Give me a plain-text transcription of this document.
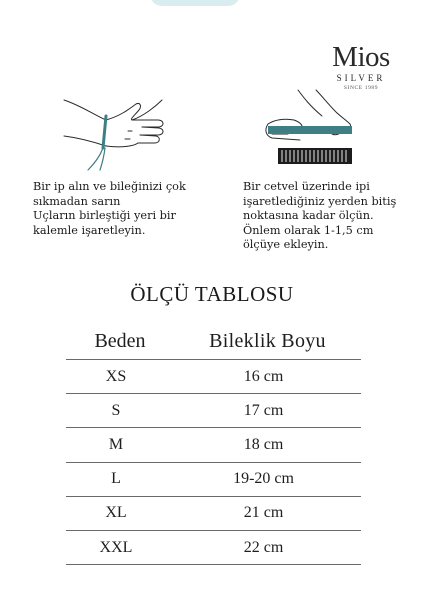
Mios
SILVER
SINCE 1989
Bir ip alın ve bileğinizi çok
sıkmadan sarın
Uçların birleştiği yeri bir
kalemle işaretleyin.
Bir cetvel üzerinde ipi
işaretlediğiniz yerden bitiş
noktasına kadar ölçün.
Önlem olarak 1-1,5 cm
ölçüye ekleyin.
ÖLÇÜ TABLOSU
Beden	Bileklik Boyu
XS	16 cm
S	17 cm
M	18 cm
L	19-20 cm
XL	21 cm
XXL	22 cm
